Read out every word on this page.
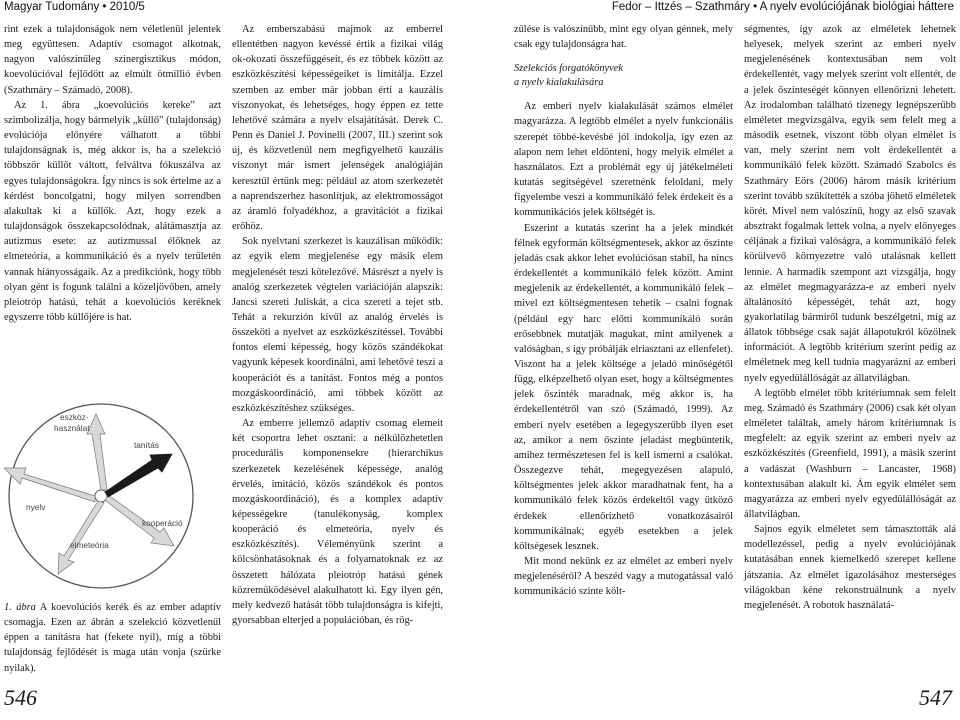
Magyar Tudomány • 2010/5	Fedor – Ittzés – Szathmáry • A nyelv evolúciójának biológiai háttere

rint ezek a tulajdonságok nem véletlenül jelentek meg együttesen. Adaptív csomagot alkotnak, nagyon valószínűleg szinergisztikus módon, koevolúcióval fejlődött az elmúlt ötmillió évben (Szathmáry – Számadó, 2008).

Az 1. ábra „koevolúciós kereke” azt szimbolizálja, hogy bármelyik „küllő” (tulajdonság) evolúciója előnyére válhatott a többi tulajdonságnak is, még akkor is, ha a szelekció többször küllőt váltott, felváltva fókuszálva az egyes tulajdonságokra. Így nincs is sok értelme az a kérdést boncolgatni, hogy milyen sorrendben alakultak ki a küllők. Azt, hogy ezek a tulajdonságok összekapcsolódnak, alátámasztja az autizmus esete: az autizmussal élőknek az elmeteória, a kommunikáció és a nyelv területén vannak hiányosságaik. Az a predikciónk, hogy több olyan gént is fogunk találni a közeljövőben, amely pleiotróp hatású, tehát a koevolúciós keréknek egyszerre több küllőjére is hat.

eszköz-
használat
tanítás
nyelv
kooperáció
elmeteória
1. ábra A koevolúciós kerék és az ember adaptív csomagja. Ezen az ábrán a szelekció közvetlenül éppen a tanításra hat (fekete nyíl), míg a többi tulajdonság fejlődését is maga után vonja (szürke nyilak).

Az emberszabású majmok az emberrel ellentétben nagyon kevéssé értik a fizikai világ ok-okozati összefüggéseit, és ez többek között az eszközkészítési képességeiket is limitálja. Ezzel szemben az ember már jobban érti a kauzális viszonyokat, és lehetséges, hogy éppen ez tette lehetővé számára a nyelv elsajátítását. Derek C. Penn és Daniel J. Povinelli (2007, III.) szerint sok új, és közvetlenül nem megfigyelhető kauzális viszonyt már ismert jelenségek analógiáján keresztül értünk meg: például az atom szerkezetét a naprendszerhez hasonlítjuk, az elektromosságot az áramló folyadékhoz, a gravitációt a fizikai erőhöz.

Sok nyelvtani szerkezet is kauzálisan működik: az egyik elem megjelenése egy másik elem megjelenését teszi kötelezővé. Másrészt a nyelv is analóg szerkezetek végtelen variációján alapszik: Jancsi szereti Juliskát, a cica szereti a tejet stb. Tehát a rekurzión kívül az analóg érvelés is összeköti a nyelvet az eszközkészítéssel. További fontos elemi képesség, hogy közös szándékokat vagyunk képesek koordinálni, ami lehetővé teszi a kooperációt és a tanítást. Fontos még a pontos mozgáskoordináció, ami többek között az eszközkészítéshez szükséges.

Az emberre jellemző adaptív csomag elemeit két csoportra lehet osztani: a nélkülözhetetlen procedurális komponensekre (hierarchikus szerkezetek kezelésének képessége, analóg érvelés, imitáció, közös szándékok és pontos mozgáskoordináció), és a komplex adaptív képességekre (tanulékonyság, komplex kooperáció és elmeteória, nyelv és eszközkészítés). Véleményünk szerint a kölcsönhatásoknak és a folyamatoknak ez az összetett hálózata pleiotróp hatású gének közreműködésével alakulhatott ki. Egy ilyen gén, mely kedvező hatását több tulajdonságra is kifejti, gyorsabban elterjed a populációban, és rög-

zülése is valószínűbb, mint egy olyan génnek, mely csak egy tulajdonságra hat.

Szelekciós forgatókönyvek
a nyelv kialakulására

Az emberi nyelv kialakulását számos elmélet magyarázza. A legtöbb elmélet a nyelv funkcionális szerepét többé-kevésbé jól indokolja, így ezen az alapon nem lehet eldönteni, hogy melyik elmélet a használatos. Ezt a problémát egy új játékelméleti kutatás segítségével szeretnénk feloldani, mely figyelembe veszi a kommunikáló felek érdekeit és a kommunikációs jelek költségét is.

Eszerint a kutatás szerint ha a jelek mindkét félnek egyformán költségmentesek, akkor az őszinte jeladás csak akkor lehet evolúciósan stabil, ha nincs érdekellentét a kommunikáló felek között. Amint megjelenik az érdekellentét, a kommunikáló felek – mivel ezt költségmentesen tehetik – csalni fognak (például egy harc előtti kommunikáló során erősebbnek mutatják magukat, mint amilyenek a valóságban, s így próbálják elriasztani az ellenfelet). Viszont ha a jelek költsége a jeladó minőségétől függ, elképzelhető olyan eset, hogy a költségmentes jelek őszinték maradnak, még akkor is, ha érdekellentétről van szó (Számadó, 1999). Az emberi nyelv esetében a legegyszerűbb ilyen eset az, amikor a nem őszinte jeladást megbüntetik, amihez természetesen fel is kell ismerni a csalókat. Összegezve tehát, megegyezésen alapuló, költségmentes jelek akkor maradhatnak fent, ha a kommunikáló felek közös érdekeltől vagy ütköző érdekek ellenőrizhető vonatkozásairól kommunikálnak; egyéb esetekben a jelek költségesek lesznek.

Mit mond nekünk ez az elmélet az emberi nyelv megjelenéséről? A beszéd vagy a mutogatással való kommunikáció szinte költ-

ségmentes, így azok az elméletek lehetnek helyesek, melyek szerint az emberi nyelv megjelenésének kontextusában nem volt érdekellentét, vagy melyek szerint volt ellentét, de a jelek őszinteségét könnyen ellenőrizni lehetett. Az irodalomban található tizenegy legnépszerűbb elméletet megvizsgálva, egyik sem felelt meg a második esetnek, viszont több olyan elmélet is van, mely szerint nem volt érdekellentét a kommunikáló felek között. Számadó Szabolcs és Szathmáry Eörs (2006) három másik kritérium szerint tovább szűkítették a szóba jöhető elméletek körét. Mivel nem valószínű, hogy az első szavak absztrakt fogalmak lettek volna, a nyelv előnyeges céljának a fizikai valóságra, a kommunikáló felek körülvevő környezetre való utalásnak kellett lennie. A harmadik szempont azt vizsgálja, hogy az elmélet megmagyarázza-e az emberi nyelv általánosító képességét, tehát azt, hogy gyakorlatilag bármiről tudunk beszélgetni, míg az állatok többsége csak saját állapotukról közölnek információt. A legtöbb kritérium szerint pedig az elméletnek meg kell tudnia magyarázni az emberi nyelv egyedülállóságát az állatvilágban.

A legtöbb elmélet több kritériumnak sem felelt meg. Számadó és Szathmáry (2006) csak két olyan elméletet találtak, amely három kritériumnak is megfelelt: az egyik szerint az emberi nyelv az eszközkészítés (Greenfield, 1991), a másik szerint a vadászat (Washburn – Lancaster, 1968) kontextusában alakult ki. Ám egyik elmélet sem magyarázza az emberi nyelv egyedülállóságát az állatvilágban.

Sajnos egyik elméletet sem támasztották alá modellezéssel, pedig a nyelv evolúciójának kutatásában ennek kiemelkedő szerepet kellene játszania. Az elmélet igazolásához mesterséges világokban kéne rekonstruálnunk a nyelv megjelenését. A robotok használatá-

546	547
